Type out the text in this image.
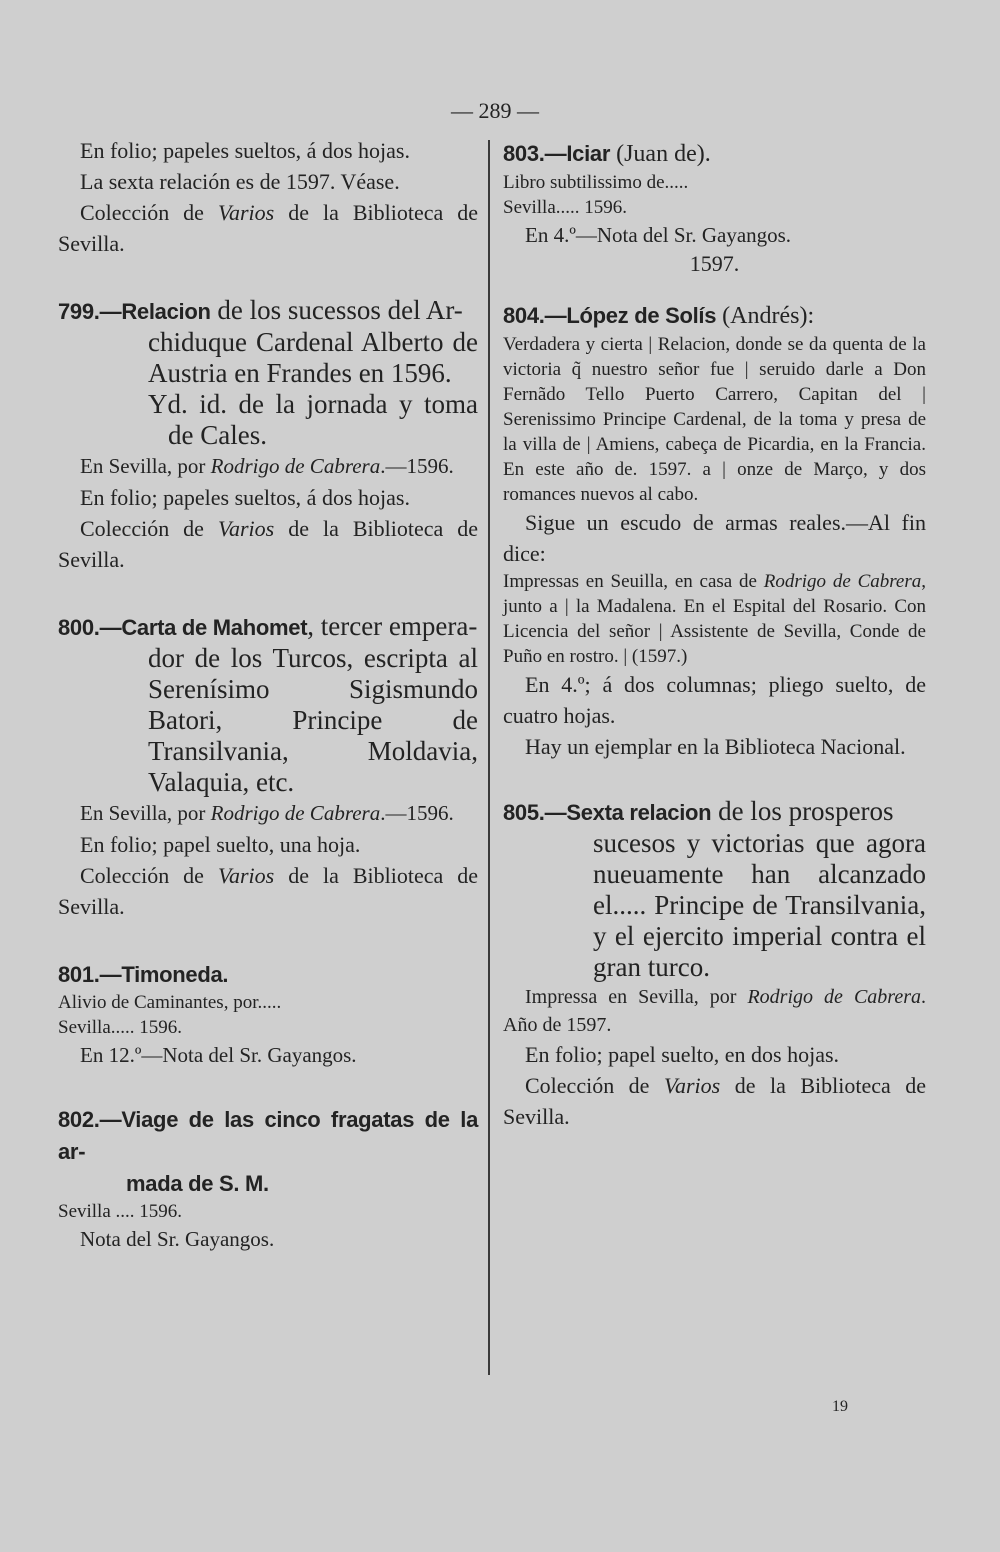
— 289 —

En folio; papeles sueltos, á dos hojas.

La sexta relación es de 1597. Véase.

Colección de Varios de la Biblioteca de Sevilla.

799.—Relacion de los sucessos del Ar-

chiduque Cardenal Alberto de Austria en Frandes en 1596.

Yd. id. de la jornada y toma de Cales.

En Sevilla, por Rodrigo de Cabrera.—1596.

En folio; papeles sueltos, á dos hojas.

Colección de Varios de la Biblioteca de Sevilla.

800.—Carta de Mahomet, tercer empera-

dor de los Turcos, escripta al Serenísimo Sigismundo Batori, Principe de Transilvania, Moldavia, Valaquia, etc.

En Sevilla, por Rodrigo de Cabrera.—1596.

En folio; papel suelto, una hoja.

Colección de Varios de la Biblioteca de Sevilla.

801.—Timoneda.

Alivio de Caminantes, por.....

Sevilla..... 1596.

En 12.º—Nota del Sr. Gayangos.

802.—Viage de las cinco fragatas de la ar-

mada de S. M.

Sevilla .... 1596.

Nota del Sr. Gayangos.

803.—Iciar (Juan de).

Libro subtilissimo de.....

Sevilla..... 1596.

En 4.º—Nota del Sr. Gayangos.

1597.

804.—López de Solís (Andrés):

Verdadera y cierta | Relacion, donde se da quenta de la victoria q̃ nuestro señor fue | seruido darle a Don Fernãdo Tello Puerto Carrero, Capitan del | Serenissimo Principe Cardenal, de la toma y presa de la villa de | Amiens, cabeça de Picardia, en la Francia. En este año de. 1597. a | onze de Março, y dos romances nuevos al cabo.

Sigue un escudo de armas reales.—Al fin dice:

Impressas en Seuilla, en casa de Rodrigo de Cabrera, junto a | la Madalena. En el Espital del Rosario. Con Licencia del señor | Assistente de Sevilla, Conde de Puño en rostro. | (1597.)

En 4.º; á dos columnas; pliego suelto, de cuatro hojas.

Hay un ejemplar en la Biblioteca Nacional.

805.—Sexta relacion de los prosperos

sucesos y victorias que agora nueuamente han alcanzado el..... Principe de Transilvania, y el ejercito imperial contra el gran turco.

Impressa en Sevilla, por Rodrigo de Cabrera. Año de 1597.

En folio; papel suelto, en dos hojas.

Colección de Varios de la Biblioteca de Sevilla.

19
